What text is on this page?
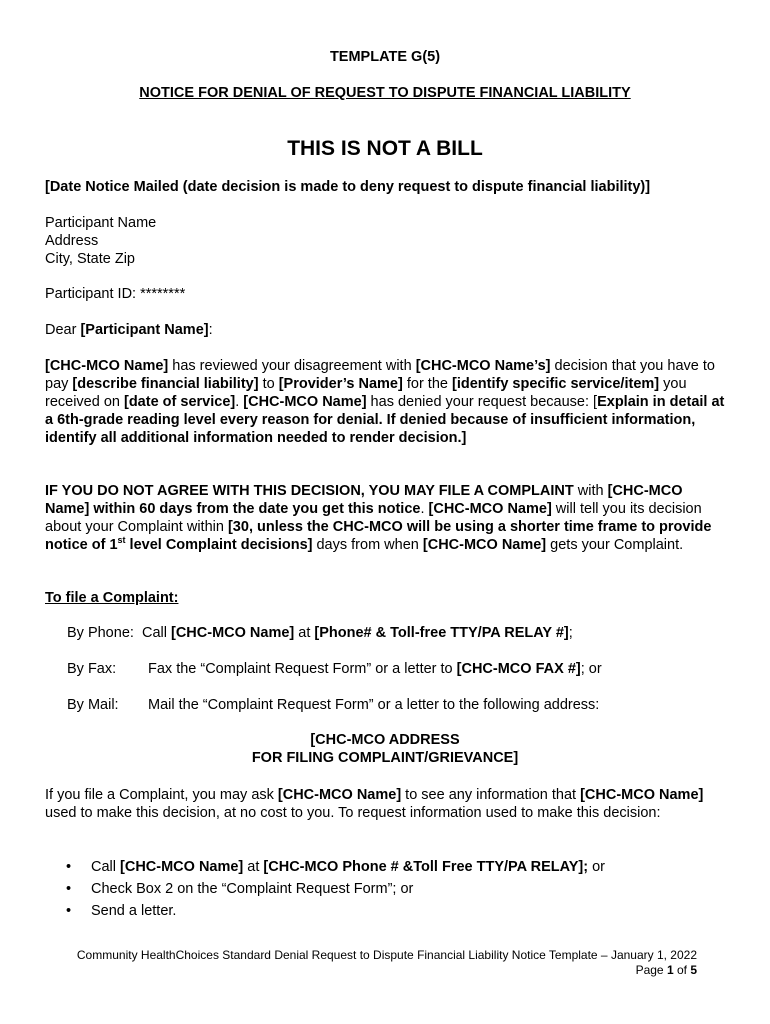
TEMPLATE G(5)
NOTICE FOR DENIAL OF REQUEST TO DISPUTE FINANCIAL LIABILITY
THIS IS NOT A BILL
[Date Notice Mailed (date decision is made to deny request to dispute financial liability)]
Participant Name
Address
City, State Zip
Participant ID: ********
Dear [Participant Name]:
[CHC-MCO Name] has reviewed your disagreement with [CHC-MCO Name’s] decision that you have to pay [describe financial liability] to [Provider’s Name] for the [identify specific service/item] you received on [date of service]. [CHC-MCO Name] has denied your request because: [Explain in detail at a 6th-grade reading level every reason for denial. If denied because of insufficient information, identify all additional information needed to render decision.]
IF YOU DO NOT AGREE WITH THIS DECISION, YOU MAY FILE A COMPLAINT with [CHC-MCO Name] within 60 days from the date you get this notice. [CHC-MCO Name] will tell you its decision about your Complaint within [30, unless the CHC-MCO will be using a shorter time frame to provide notice of 1st level Complaint decisions] days from when [CHC-MCO Name] gets your Complaint.
To file a Complaint:
By Phone: Call [CHC-MCO Name] at [Phone# & Toll-free TTY/PA RELAY #];
By Fax: Fax the “Complaint Request Form” or a letter to [CHC-MCO FAX #]; or
By Mail: Mail the “Complaint Request Form” or a letter to the following address:
[CHC-MCO ADDRESS
FOR FILING COMPLAINT/GRIEVANCE]
If you file a Complaint, you may ask [CHC-MCO Name] to see any information that [CHC-MCO Name] used to make this decision, at no cost to you. To request information used to make this decision:
• Call [CHC-MCO Name] at [CHC-MCO Phone # &Toll Free TTY/PA RELAY]; or
• Check Box 2 on the “Complaint Request Form”; or
• Send a letter.
Community HealthChoices Standard Denial Request to Dispute Financial Liability Notice Template – January 1, 2022
Page 1 of 5
